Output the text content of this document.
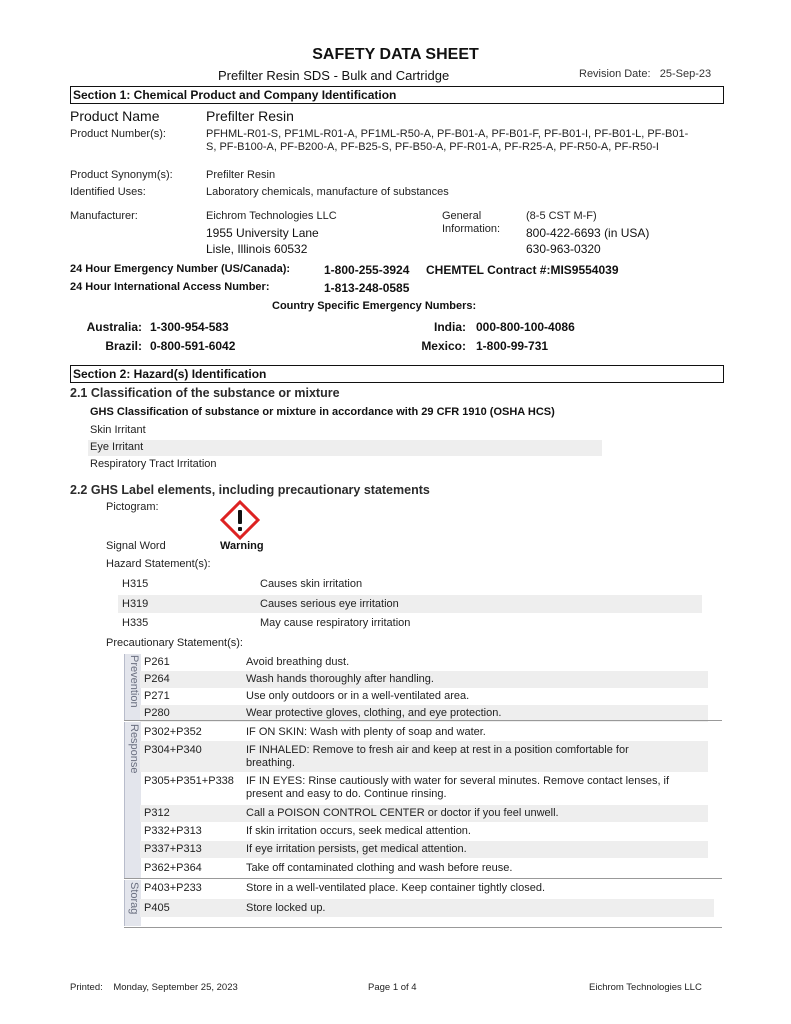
SAFETY DATA SHEET
Prefilter Resin SDS - Bulk and Cartridge	Revision Date: 25-Sep-23
Section 1: Chemical Product and Company Identification
Product Name	Prefilter Resin
Product Number(s):	PFHML-R01-S, PF1ML-R01-A, PF1ML-R50-A, PF-B01-A, PF-B01-F, PF-B01-I, PF-B01-L, PF-B01-S, PF-B100-A, PF-B200-A, PF-B25-S, PF-B50-A, PF-R01-A, PF-R25-A, PF-R50-A, PF-R50-I
Product Synonym(s):	Prefilter Resin
Identified Uses:	Laboratory chemicals, manufacture of substances
Manufacturer:	Eichrom Technologies LLC
1955 University Lane
Lisle, Illinois 60532
General
Information:
(8-5 CST M-F)
800-422-6693 (in USA)
630-963-0320
24 Hour Emergency Number (US/Canada):	1-800-255-3924 CHEMTEL Contract #:MIS9554039
24 Hour International Access Number:	1-813-248-0585
Country Specific Emergency Numbers:
Australia: 1-300-954-583
Brazil: 0-800-591-6042
India: 000-800-100-4086
Mexico: 1-800-99-731
Section 2: Hazard(s) Identification
2.1 Classification of the substance or mixture
GHS Classification of substance or mixture in accordance with 29 CFR 1910 (OSHA HCS)
Skin Irritant
Eye Irritant
Respiratory Tract Irritation
2.2 GHS Label elements, including precautionary statements
Pictogram:
Signal Word	Warning
Hazard Statement(s):
H315	Causes skin irritation
H319	Causes serious eye irritation
H335	May cause respiratory irritation
Precautionary Statement(s):
Prevention
Response
Storag
P261	Avoid breathing dust.
P264	Wash hands thoroughly after handling.
P271	Use only outdoors or in a well-ventilated area.
P280	Wear protective gloves, clothing, and eye protection.
P302+P352	IF ON SKIN: Wash with plenty of soap and water.
P304+P340	IF INHALED: Remove to fresh air and keep at rest in a position comfortable for breathing.
P305+P351+P338 IF IN EYES: Rinse cautiously with water for several minutes. Remove contact lenses, if present and easy to do. Continue rinsing.
P312	Call a POISON CONTROL CENTER or doctor if you feel unwell.
P332+P313	If skin irritation occurs, seek medical attention.
P337+P313	If eye irritation persists, get medical attention.
P362+P364	Take off contaminated clothing and wash before reuse.
P403+P233	Store in a well-ventilated place. Keep container tightly closed.
P405	Store locked up.
Printed: Monday, September 25, 2023	Page 1 of 4	Eichrom Technologies LLC
